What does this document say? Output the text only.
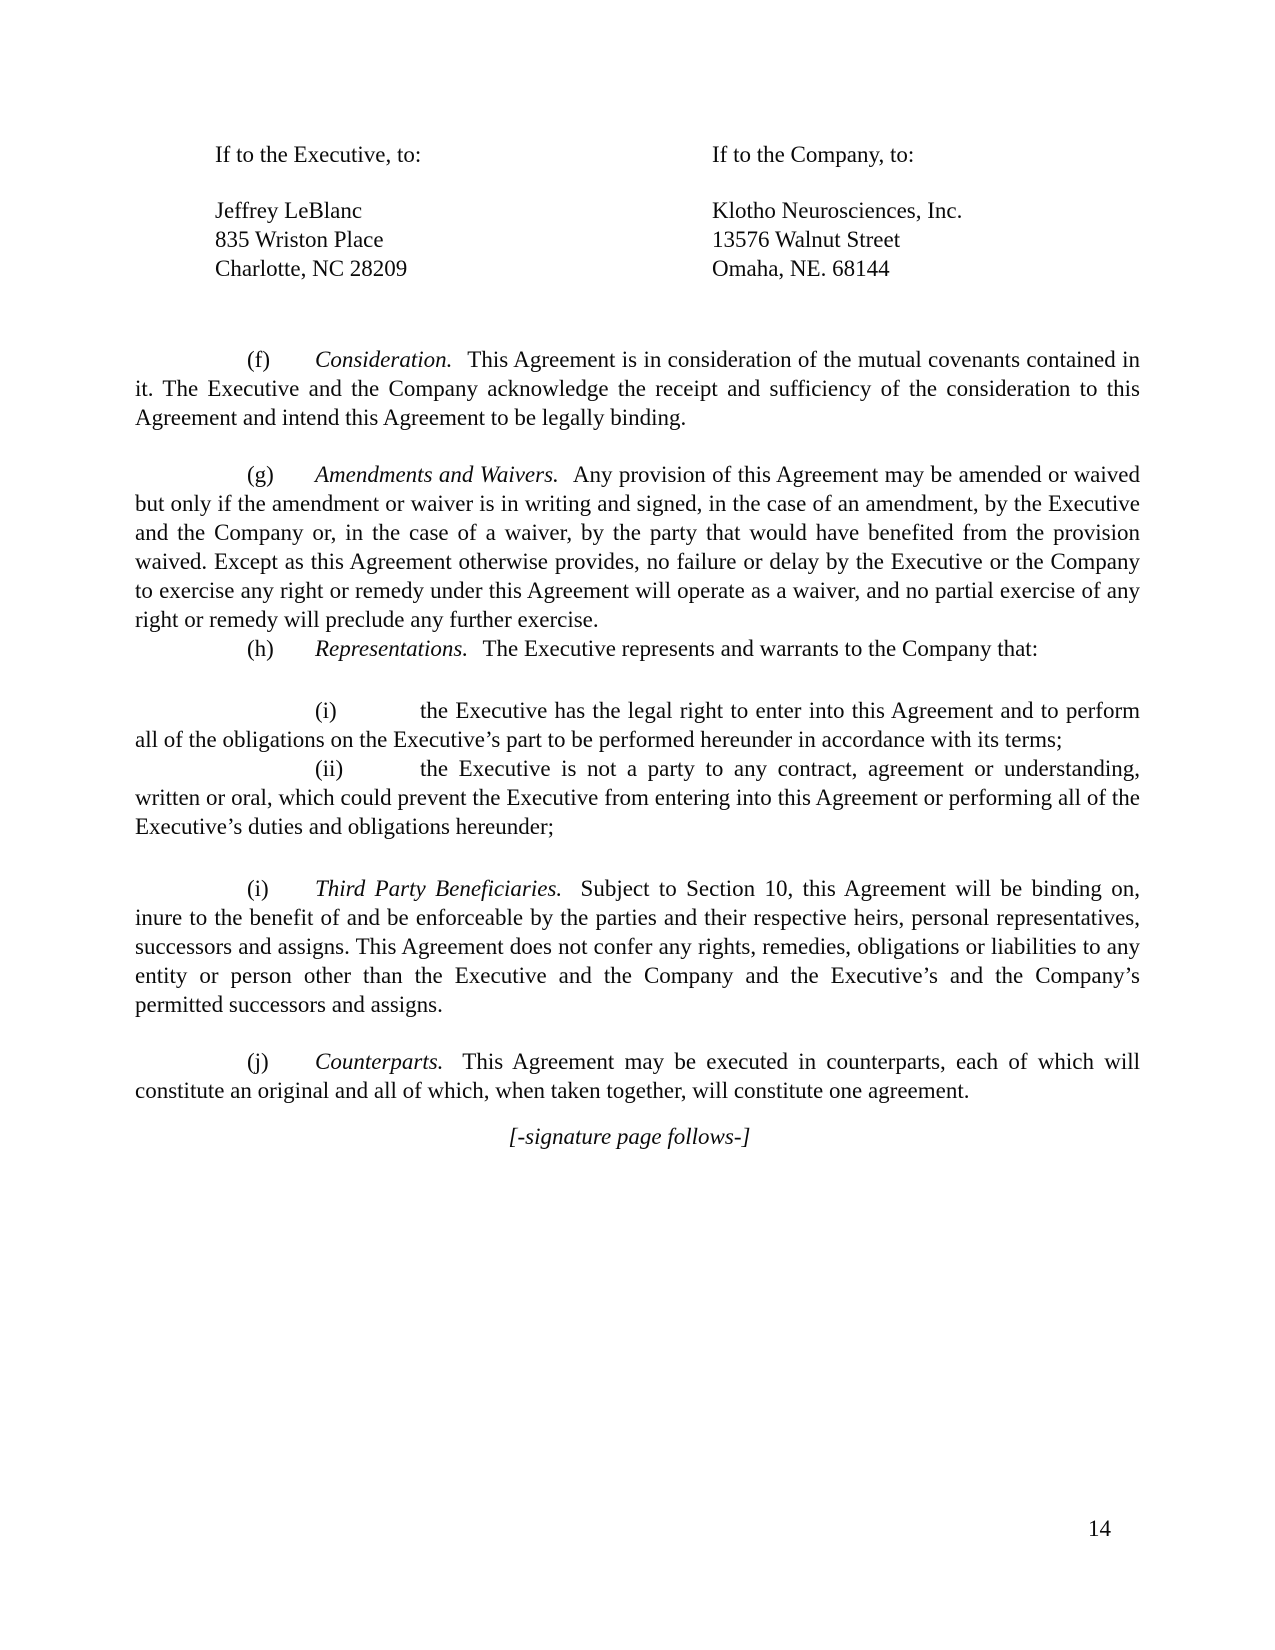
If to the Executive, to:
Jeffrey LeBlanc
835 Wriston Place
Charlotte, NC 28209
If to the Company, to:
Klotho Neurosciences, Inc.
13576 Walnut Street
Omaha, NE. 68144

(f) Consideration. This Agreement is in consideration of the mutual covenants contained in it. The Executive and the Company acknowledge the receipt and sufficiency of the consideration to this Agreement and intend this Agreement to be legally binding.

(g) Amendments and Waivers. Any provision of this Agreement may be amended or waived but only if the amendment or waiver is in writing and signed, in the case of an amendment, by the Executive and the Company or, in the case of a waiver, by the party that would have benefited from the provision waived. Except as this Agreement otherwise provides, no failure or delay by the Executive or the Company to exercise any right or remedy under this Agreement will operate as a waiver, and no partial exercise of any right or remedy will preclude any further exercise.

(h) Representations. The Executive represents and warrants to the Company that:

(i)	the Executive has the legal right to enter into this Agreement and to perform all of the obligations on the Executive’s part to be performed hereunder in accordance with its terms;

(ii)	the Executive is not a party to any contract, agreement or understanding, written or oral, which could prevent the Executive from entering into this Agreement or performing all of the Executive’s duties and obligations hereunder;

(i) Third Party Beneficiaries. Subject to Section 10, this Agreement will be binding on, inure to the benefit of and be enforceable by the parties and their respective heirs, personal representatives, successors and assigns. This Agreement does not confer any rights, remedies, obligations or liabilities to any entity or person other than the Executive and the Company and the Executive’s and the Company’s permitted successors and assigns.

(j) Counterparts. This Agreement may be executed in counterparts, each of which will constitute an original and all of which, when taken together, will constitute one agreement.

[-signature page follows-]

14
